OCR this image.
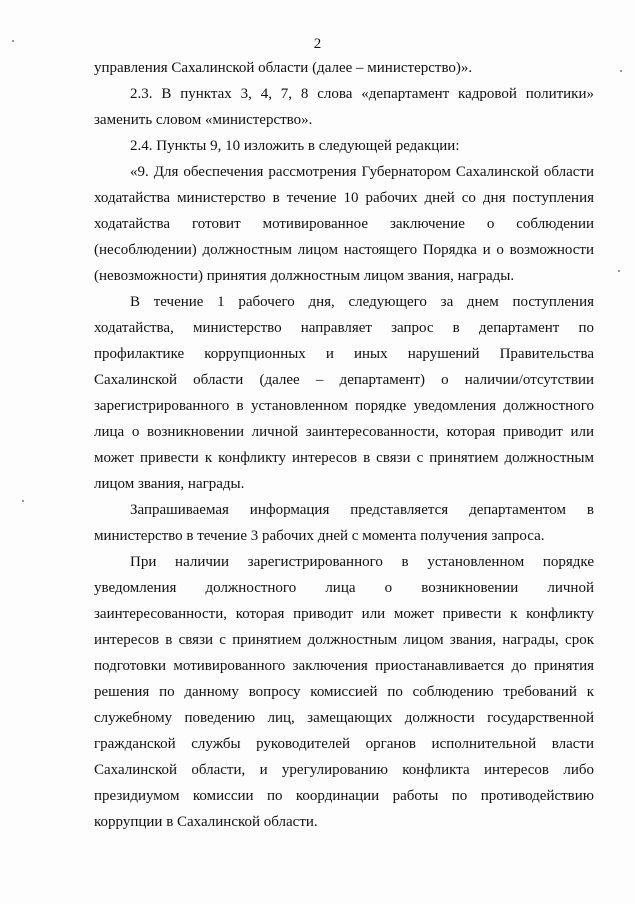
2

управления Сахалинской области (далее – министерство)».

2.3. В пунктах 3, 4, 7, 8 слова «департамент кадровой политики» заменить словом «министерство».

2.4. Пункты 9, 10 изложить в следующей редакции:

«9. Для обеспечения рассмотрения Губернатором Сахалинской области ходатайства министерство в течение 10 рабочих дней со дня поступления ходатайства готовит мотивированное заключение о соблюдении (несоблюдении) должностным лицом настоящего Порядка и о возможности (невозможности) принятия должностным лицом звания, награды.

В течение 1 рабочего дня, следующего за днем поступления ходатайства, министерство направляет запрос в департамент по профилактике коррупционных и иных нарушений Правительства Сахалинской области (далее – департамент) о наличии/отсутствии зарегистрированного в установленном порядке уведомления должностного лица о возникновении личной заинтересованности, которая приводит или может привести к конфликту интересов в связи с принятием должностным лицом звания, награды.

Запрашиваемая информация представляется департаментом в министерство в течение 3 рабочих дней с момента получения запроса.

При наличии зарегистрированного в установленном порядке уведомления должностного лица о возникновении личной заинтересованности, которая приводит или может привести к конфликту интересов в связи с принятием должностным лицом звания, награды, срок подготовки мотивированного заключения приостанавливается до принятия решения по данному вопросу комиссией по соблюдению требований к служебному поведению лиц, замещающих должности государственной гражданской службы руководителей органов исполнительной власти Сахалинской области, и урегулированию конфликта интересов либо президиумом комиссии по координации работы по противодействию коррупции в Сахалинской области.
